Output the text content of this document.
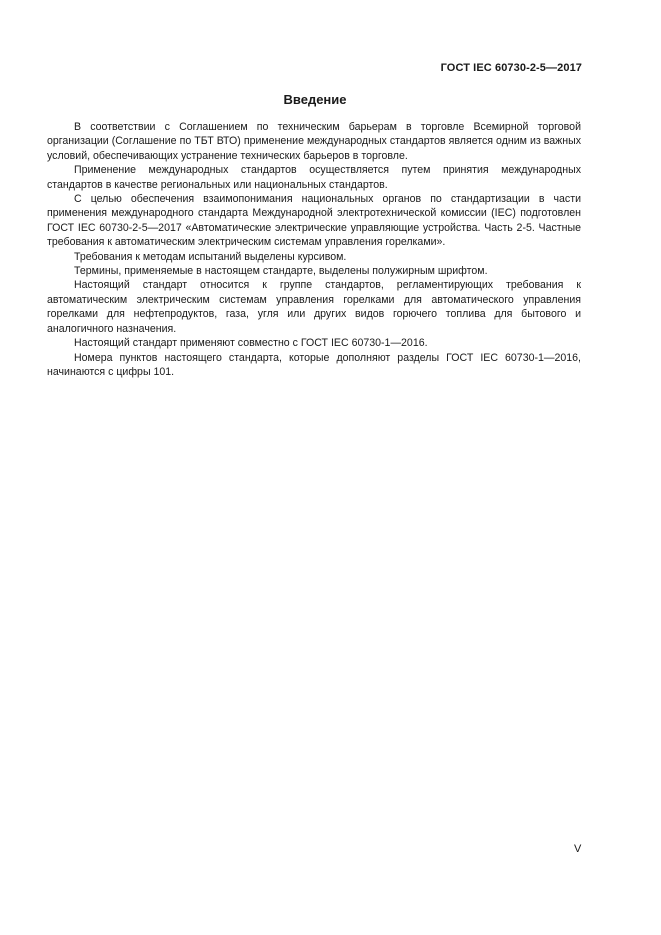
ГОСТ IEC 60730-2-5—2017
Введение

В соответствии с Соглашением по техническим барьерам в торговле Всемирной торговой организации (Соглашение по ТБТ ВТО) применение международных стандартов является одним из важных условий, обеспечивающих устранение технических барьеров в торговле.

Применение международных стандартов осуществляется путем принятия международных стандартов в качестве региональных или национальных стандартов.

С целью обеспечения взаимопонимания национальных органов по стандартизации в части применения международного стандарта Международной электротехнической комиссии (IEC) подготовлен ГОСТ IEC 60730-2-5—2017 «Автоматические электрические управляющие устройства. Часть 2-5. Частные требования к автоматическим электрическим системам управления горелками».

Требования к методам испытаний выделены курсивом.

Термины, применяемые в настоящем стандарте, выделены полужирным шрифтом.

Настоящий стандарт относится к группе стандартов, регламентирующих требования к автоматическим электрическим системам управления горелками для автоматического управления горелками для нефтепродуктов, газа, угля или других видов горючего топлива для бытового и аналогичного назначения.

Настоящий стандарт применяют совместно с ГОСТ IEC 60730-1—2016.

Номера пунктов настоящего стандарта, которые дополняют разделы ГОСТ IEC 60730-1—2016, начинаются с цифры 101.

V
